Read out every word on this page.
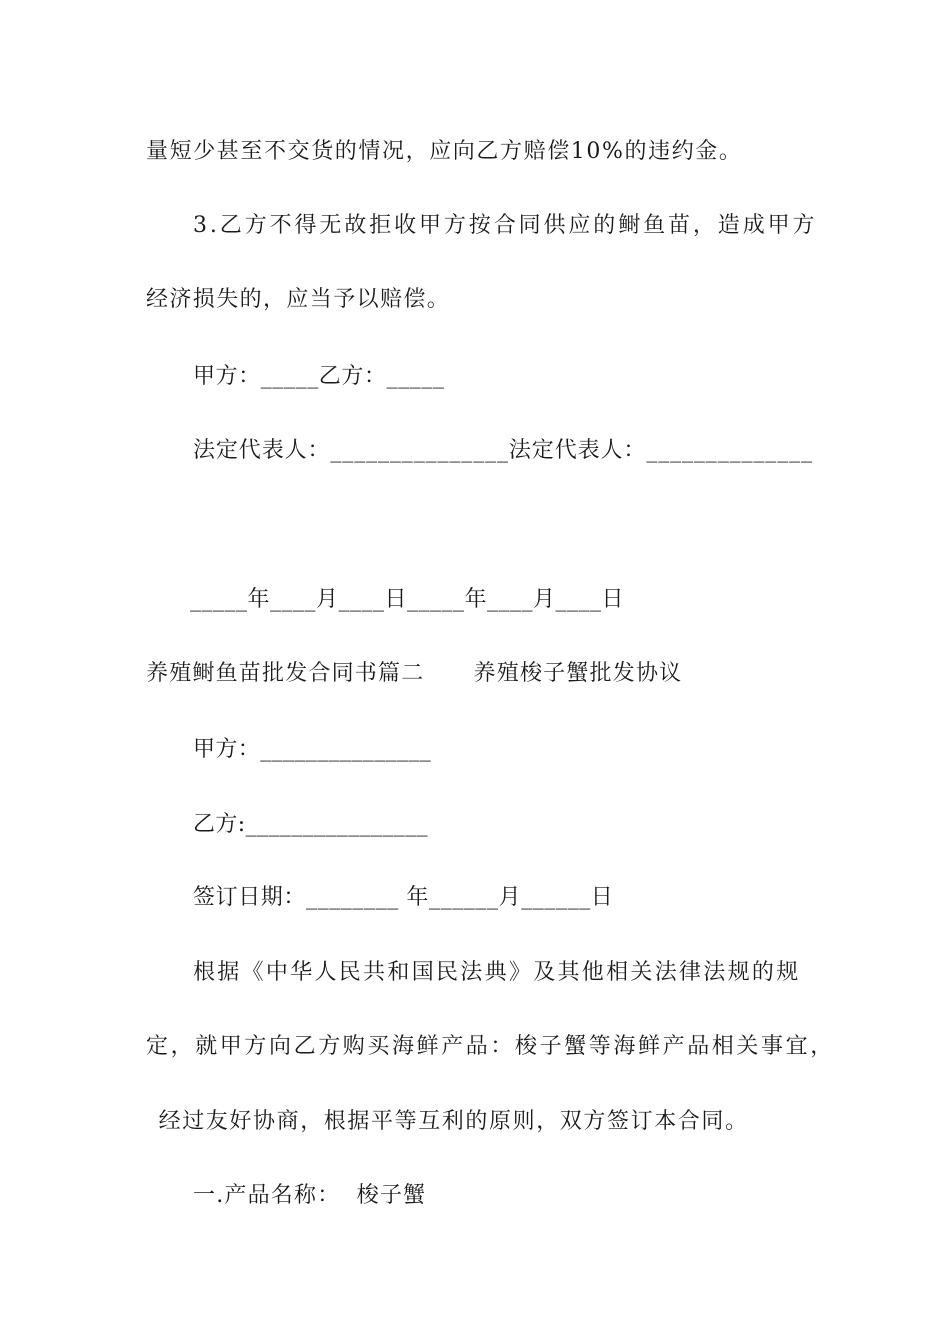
量短少甚至不交货的情况，应向乙方赔偿10%的违约金。
3.乙方不得无故拒收甲方按合同供应的鲥鱼苗，造成甲方
经济损失的，应当予以赔偿。
甲方：_____乙方：_____
法定代表人：_______________法定代表人：______________
_____年____月____日_____年____月____日
养殖鲥鱼苗批发合同书篇二      养殖梭子蟹批发协议
甲方：_______________
乙方:________________
签订日期：________ 年______月______日
根据《中华人民共和国民法典》及其他相关法律法规的规
定，就甲方向乙方购买海鲜产品：梭子蟹等海鲜产品相关事宜，
经过友好协商，根据平等互利的原则，双方签订本合同。
一.产品名称：  梭子蟹
